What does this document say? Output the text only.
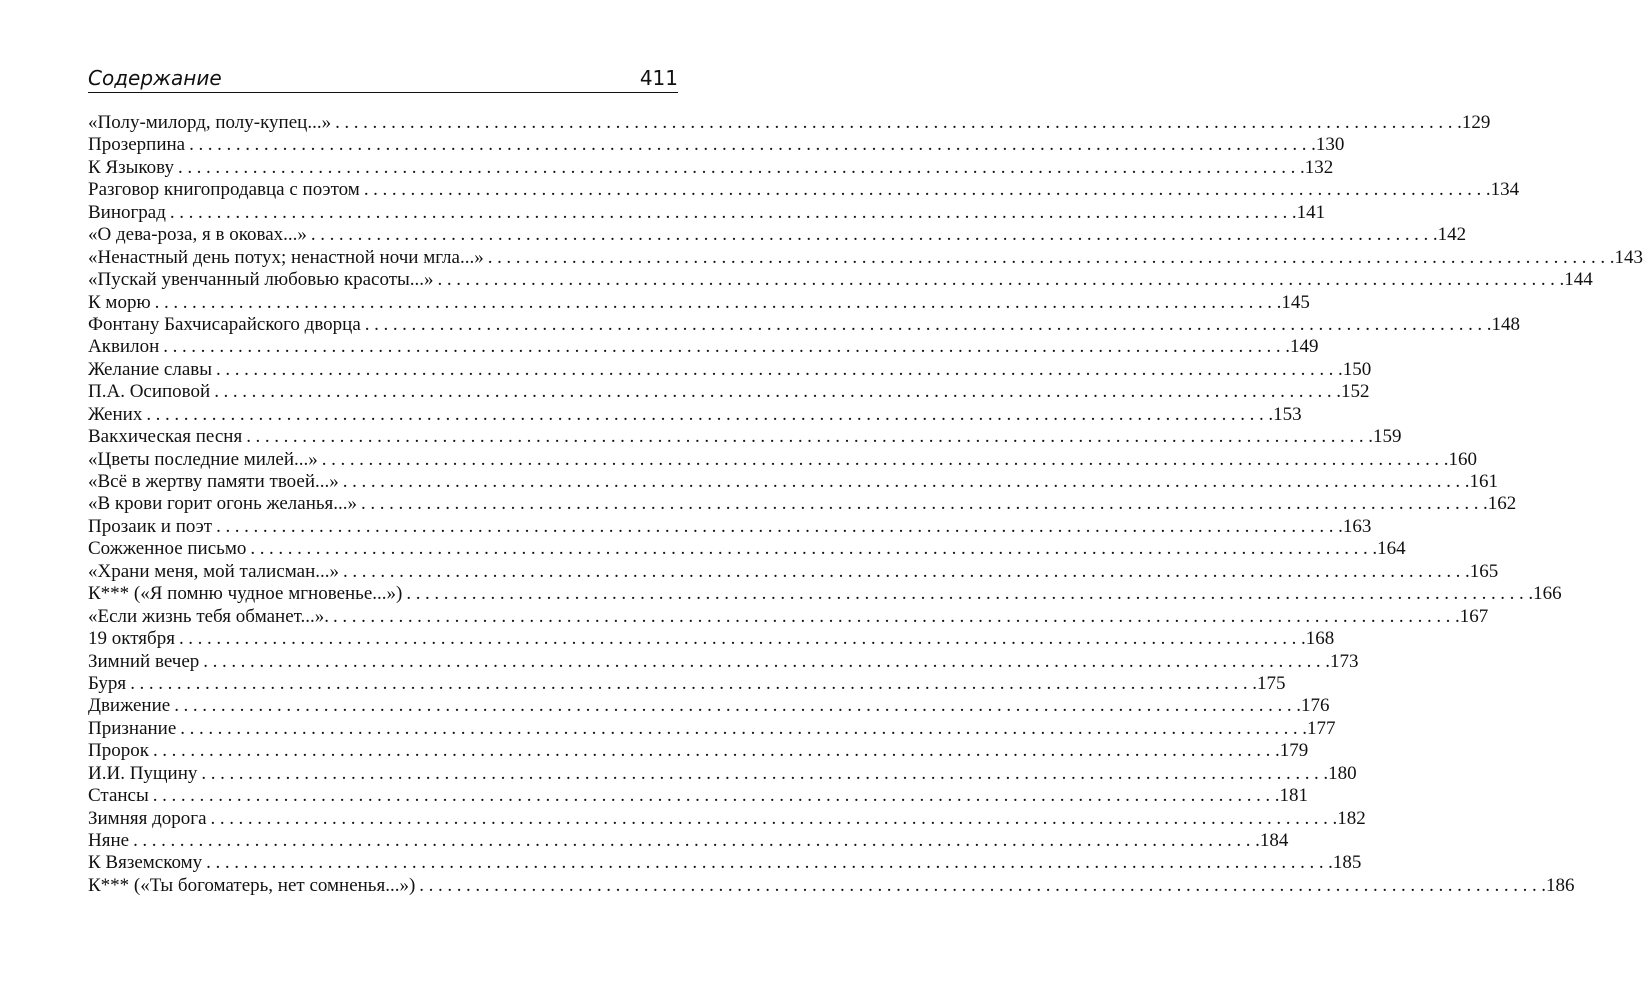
Содержание	411
«Полу-милорд, полу-купец...» ........................................................................................................................ .129
Прозерпина ........................................................................................................................ .130
К Языкову ........................................................................................................................ .132
Разговор книгопродавца с поэтом ........................................................................................................................ .134
Виноград ........................................................................................................................ .141
«О дева-роза, я в оковах...» ........................................................................................................................ .142
«Ненастный день потух; ненастной ночи мгла...» ........................................................................................................................ .143
«Пускай увенчанный любовью красоты...» ........................................................................................................................ .144
К морю ........................................................................................................................ .145
Фонтану Бахчисарайского дворца ........................................................................................................................ .148
Аквилон ........................................................................................................................ .149
Желание славы ........................................................................................................................ .150
П.А. Осиповой ........................................................................................................................ .152
Жених ........................................................................................................................ .153
Вакхическая песня ........................................................................................................................ .159
«Цветы последние милей...» ........................................................................................................................ .160
«Всё в жертву памяти твоей...» ........................................................................................................................ .161
«В крови горит огонь желанья...» ........................................................................................................................ .162
Прозаик и поэт ........................................................................................................................ .163
Сожженное письмо ........................................................................................................................ .164
«Храни меня, мой талисман...» ........................................................................................................................ .165
К*** («Я помню чудное мгновенье...») ........................................................................................................................ .166
«Если жизнь тебя обманет...». ........................................................................................................................ .167
19 октября ........................................................................................................................ .168
Зимний вечер ........................................................................................................................ .173
Буря ........................................................................................................................ .175
Движение ........................................................................................................................ .176
Признание ........................................................................................................................ .177
Пророк ........................................................................................................................ .179
И.И. Пущину ........................................................................................................................ .180
Стансы ........................................................................................................................ .181
Зимняя дорога ........................................................................................................................ .182
Няне ........................................................................................................................ .184
К Вяземскому ........................................................................................................................ .185
К*** («Ты богоматерь, нет сомненья...») ........................................................................................................................ .186
